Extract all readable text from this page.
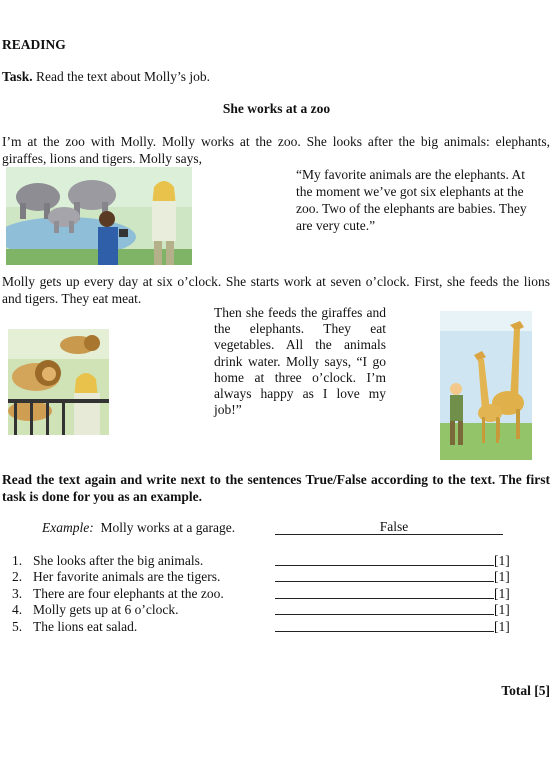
READING
Task. Read the text about Molly’s job.
She works at a zoo
I’m at the zoo with Molly. Molly works at the zoo. She looks after the big animals: elephants, giraffes, lions and tigers. Molly says,
“My favorite animals are the elephants. At the moment we’ve got six elephants at the zoo. Two of the elephants are babies. They are very cute.”
Molly gets up every day at six o’clock. She starts work at seven o’clock. First, she feeds the lions and tigers. They eat meat.
Then she feeds the giraffes and the elephants. They eat vegetables. All the animals drink water. Molly says, “I go home at three o’clock. I’m always happy as I love my job!”
Read the text again and write next to the sentences True/False according to the text. The first task is done for you as an example.
Example: Molly works at a garage.	False
1. She looks after the big animals.	[1]
2. Her favorite animals are the tigers.	[1]
3. There are four elephants at the zoo.	[1]
4. Molly gets up at 6 o’clock.	[1]
5. The lions eat salad.	[1]
Total [5]
